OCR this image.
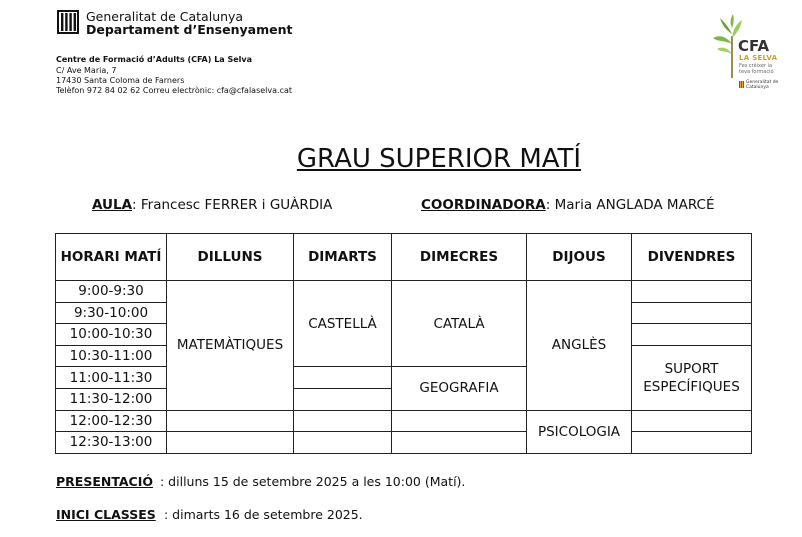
Generalitat de Catalunya
Departament d’Ensenyament
Centre de Formació d’Adults (CFA) La Selva
C/ Ave Maria, 7
17430 Santa Coloma de Farners
Telèfon 972 84 02 62 Correu electrònic: cfa@cfalaselva.cat
CFA
LA SELVA
Fes créixer la teva formació
Generalitat de Catalunya
GRAU SUPERIOR MATÍ
AULA: Francesc FERRER i GUÀRDIA	COORDINADORA: Maria ANGLADA MARCÉ
HORARI MATÍ	DILLUNS	DIMARTS	DIMECRES	DIJOUS	DIVENDRES
9:00-9:30	MATEMÀTIQUES	CASTELLÀ	CATALÀ	ANGLÈS	
9:30-10:00					
10:00-10:30					
10:30-11:00					SUPORT ESPECÍFIQUES
11:00-11:30			GEOGRAFIA		
11:30-12:00					
12:00-12:30				PSICOLOGIA	
12:30-13:00					
PRESENTACIÓ : dilluns 15 de setembre 2025 a les 10:00 (Matí).
INICI CLASSES : dimarts 16 de setembre 2025.
